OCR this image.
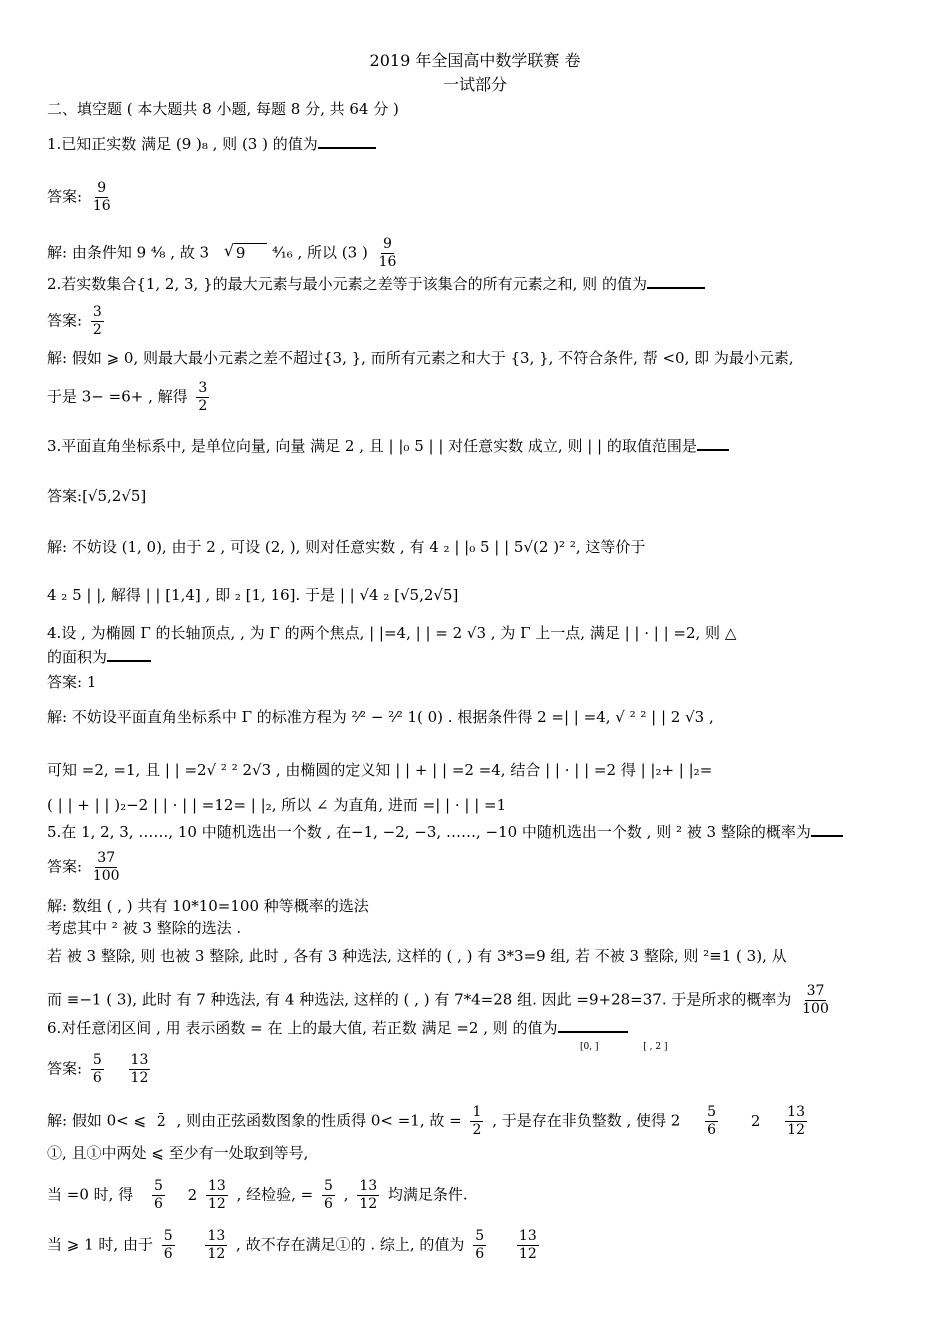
2019 年全国高中数学联赛 卷
一试部分
二、填空题 ( 本大题共 8 小题, 每题 8 分, 共 64 分 )
1.已知正实数 满足 (9 )₈ , 则 (3 ) 的值为
答案: $\frac{9}{16}$
解: 由条件知 9 ⁴⁄₈ , 故 3 √ 9 ⁴⁄₁₆ , 所以 (3 ) $\frac{9}{16}$
2.若实数集合{1, 2, 3, }的最大元素与最小元素之差等于该集合的所有元素之和, 则 的值为
答案: $\frac{3}{2}$
解: 假如 ⩾ 0, 则最大最小元素之差不超过{3, }, 而所有元素之和大于 {3, }, 不符合条件, 帮 <0, 即 为最小元素,
于是 3− =6+ , 解得 $\frac{3}{2}$
3.平面直角坐标系中, 是单位向量, 向量 满足 2 , 且 | |₀ 5 | | 对任意实数 成立, 则 | | 的取值范围是
答案:[√5,2√5]
解: 不妨设 (1, 0), 由于 2 , 可设 (2, ), 则对任意实数 , 有 4 ₂ | |₀ 5 | | 5√(2 )² ², 这等价于
4 ₂ 5 | |, 解得 | | [1,4] , 即 ₂ [1, 16]. 于是 | | √4 ₂ [√5,2√5]
4.设 , 为椭圆 Γ 的长轴顶点, , 为 Γ 的两个焦点, | |=4, | | = 2 √3 , 为 Γ 上一点, 满足 | | · | | =2, 则 △
的面积为
答案: 1
解: 不妨设平面直角坐标系中 Γ 的标准方程为 ²⁄² − ²⁄² 1( 0) . 根据条件得 2 =| | =4, √ ² ² | | 2 √3 ,
可知 =2, =1, 且 | | =2√ ² ² 2√3 , 由椭圆的定义知 | | + | | =2 =4, 结合 | | · | | =2 得 | |₂+ | |₂=
( | | + | | )₂−2 | | · | | =12= | |₂, 所以 ∠ 为直角, 进而 =| | · | | =1
5.在 1, 2, 3, ……, 10 中随机选出一个数 , 在−1, −2, −3, ……, −10 中随机选出一个数 , 则 ² 被 3 整除的概率为
答案: $\frac{37}{100}$
解: 数组 ( , ) 共有 10*10=100 种等概率的选法
考虑其中 ² 被 3 整除的选法 .
若 被 3 整除, 则 也被 3 整除, 此时 , 各有 3 种选法, 这样的 ( , ) 有 3*3=9 组, 若 不被 3 整除, 则 ²≡1 ( 3), 从
而 ≡−1 ( 3), 此时 有 7 种选法, 有 4 种选法, 这样的 ( , ) 有 7*4=28 组. 因此 =9+28=37. 于是所求的概率为 $\frac{37}{100}$
6.对任意闭区间 , 用 表示函数 = 在 上的最大值, 若正数 满足 =2 , 则 的值为
[0, ]	[ , 2 ]
答案: $\frac{5}{6}$
$\frac{13}{12}$
解: 假如 0< ⩽ 2 , 则由正弦函数图象的性质得 0< =1, 故 = $\frac{1}{2}$ , 于是存在非负整数 , 使得 $2 \frac{5}{6} 2 \frac{13}{12}$
①, 且①中两处 ⩽ 至少有一处取到等号,
当 =0 时, 得 $\frac{5}{6} 2 \frac{13}{12}$ , 经检验, = $\frac{5}{6}$ , $\frac{13}{12}$ 均满足条件.
当 ⩾ 1 时, 由于 $\frac{5}{6}$
$\frac{13}{12}$ , 故不存在满足①的 . 综上, 的值为 $\frac{5}{6}$
$\frac{13}{12}$
